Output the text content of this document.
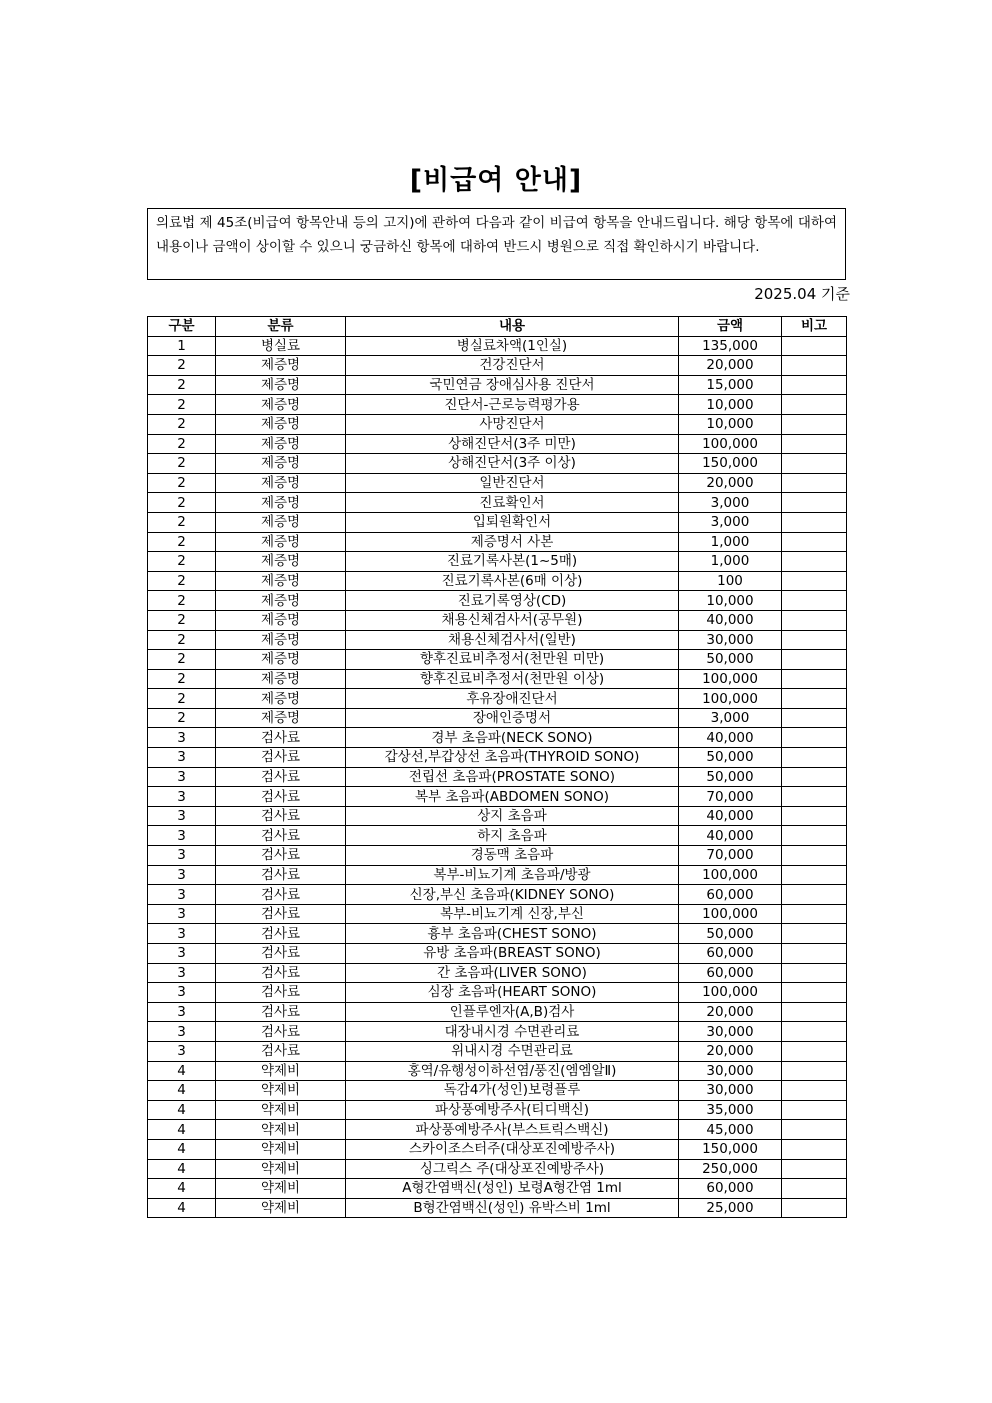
[비급여 안내]
의료법 제 45조(비급여 항목안내 등의 고지)에 관하여 다음과 같이 비급여 항목을 안내드립니다. 해당 항목에 대하여 내용이나 금액이 상이할 수 있으니 궁금하신 항목에 대하여 반드시 병원으로 직접 확인하시기 바랍니다.
2025.04 기준
구분	분류	내용	금액	비고
1	병실료	병실료차액(1인실)	135,000	
2	제증명	건강진단서	20,000	
2	제증명	국민연금 장애심사용 진단서	15,000	
2	제증명	진단서-근로능력평가용	10,000	
2	제증명	사망진단서	10,000	
2	제증명	상해진단서(3주 미만)	100,000	
2	제증명	상해진단서(3주 이상)	150,000	
2	제증명	일반진단서	20,000	
2	제증명	진료확인서	3,000	
2	제증명	입퇴원확인서	3,000	
2	제증명	제증명서 사본	1,000	
2	제증명	진료기록사본(1~5매)	1,000	
2	제증명	진료기록사본(6매 이상)	100	
2	제증명	진료기록영상(CD)	10,000	
2	제증명	채용신체검사서(공무원)	40,000	
2	제증명	채용신체검사서(일반)	30,000	
2	제증명	향후진료비추정서(천만원 미만)	50,000	
2	제증명	향후진료비추정서(천만원 이상)	100,000	
2	제증명	후유장애진단서	100,000	
2	제증명	장애인증명서	3,000	
3	검사료	경부 초음파(NECK SONO)	40,000	
3	검사료	갑상선,부갑상선 초음파(THYROID SONO)	50,000	
3	검사료	전립선 초음파(PROSTATE SONO)	50,000	
3	검사료	복부 초음파(ABDOMEN SONO)	70,000	
3	검사료	상지 초음파	40,000	
3	검사료	하지 초음파	40,000	
3	검사료	경동맥 초음파	70,000	
3	검사료	복부-비뇨기계 초음파/방광	100,000	
3	검사료	신장,부신 초음파(KIDNEY SONO)	60,000	
3	검사료	복부-비뇨기계 신장,부신	100,000	
3	검사료	흉부 초음파(CHEST SONO)	50,000	
3	검사료	유방 초음파(BREAST SONO)	60,000	
3	검사료	간 초음파(LIVER SONO)	60,000	
3	검사료	심장 초음파(HEART SONO)	100,000	
3	검사료	인플루엔자(A,B)검사	20,000	
3	검사료	대장내시경 수면관리료	30,000	
3	검사료	위내시경 수면관리료	20,000	
4	약제비	홍역/유행성이하선염/풍진(엠엠알Ⅱ)	30,000	
4	약제비	독감4가(성인)보령플루	30,000	
4	약제비	파상풍예방주사(티디백신)	35,000	
4	약제비	파상풍예방주사(부스트릭스백신)	45,000	
4	약제비	스카이조스터주(대상포진예방주사)	150,000	
4	약제비	싱그릭스 주(대상포진예방주사)	250,000	
4	약제비	A형간염백신(성인) 보령A형간염 1ml	60,000	
4	약제비	B형간염백신(성인) 유박스비 1ml	25,000	
